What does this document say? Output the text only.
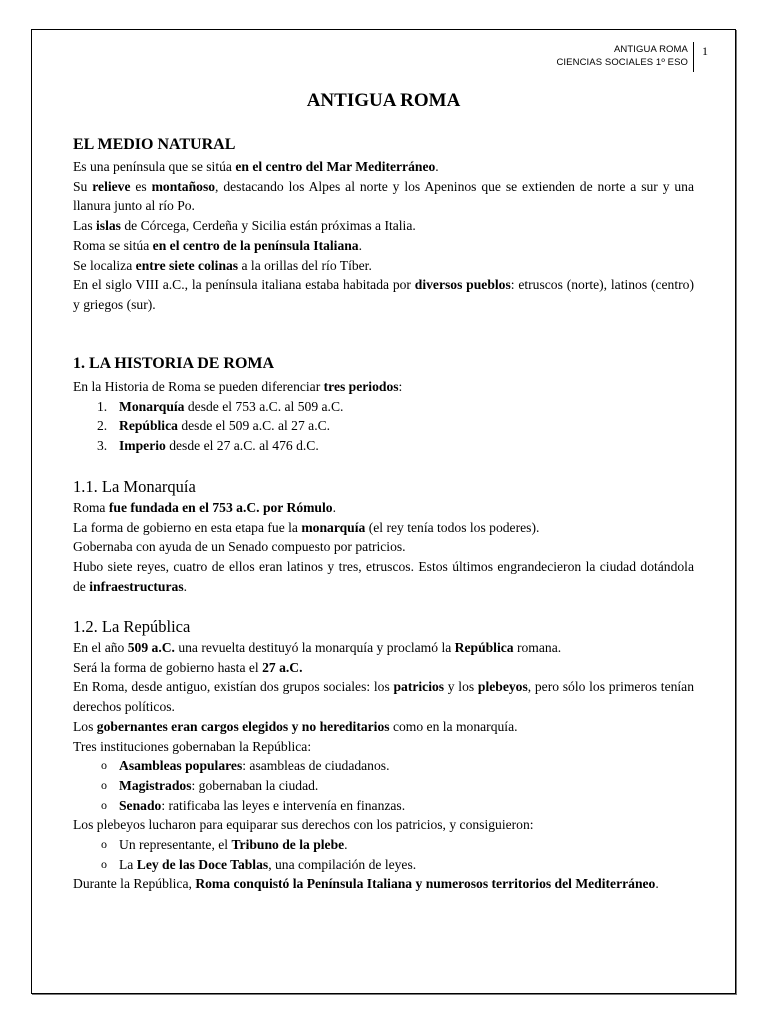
ANTIGUA ROMA
CIENCIAS SOCIALES 1º ESO
1
ANTIGUA ROMA
EL MEDIO NATURAL

Es una península que se sitúa en el centro del Mar Mediterráneo.

Su relieve es montañoso, destacando los Alpes al norte y los Apeninos que se extienden de norte a sur y una llanura junto al río Po.

Las islas de Córcega, Cerdeña y Sicilia están próximas a Italia.

Roma se sitúa en el centro de la península Italiana.

Se localiza entre siete colinas a la orillas del río Tíber.

En el siglo VIII a.C., la península italiana estaba habitada por diversos pueblos: etruscos (norte), latinos (centro) y griegos (sur).

1. LA HISTORIA DE ROMA

En la Historia de Roma se pueden diferenciar tres periodos:

1. Monarquía desde el 753 a.C. al 509 a.C.
2. República desde el 509 a.C. al 27 a.C.
3. Imperio desde el 27 a.C. al 476 d.C.
1.1. La Monarquía

Roma fue fundada en el 753 a.C. por Rómulo.

La forma de gobierno en esta etapa fue la monarquía (el rey tenía todos los poderes).

Gobernaba con ayuda de un Senado compuesto por patricios.

Hubo siete reyes, cuatro de ellos eran latinos y tres, etruscos. Estos últimos engrandecieron la ciudad dotándola de infraestructuras.

1.2. La República

En el año 509 a.C. una revuelta destituyó la monarquía y proclamó la República romana.

Será la forma de gobierno hasta el 27 a.C.

En Roma, desde antiguo, existían dos grupos sociales: los patricios y los plebeyos, pero sólo los primeros tenían derechos políticos.

Los gobernantes eran cargos elegidos y no hereditarios como en la monarquía.

Tres instituciones gobernaban la República:

o Asambleas populares: asambleas de ciudadanos.
o Magistrados: gobernaban la ciudad.
o Senado: ratificaba las leyes e intervenía en finanzas.

Los plebeyos lucharon para equiparar sus derechos con los patricios, y consiguieron:

o Un representante, el Tribuno de la plebe.
o La Ley de las Doce Tablas, una compilación de leyes.

Durante la República, Roma conquistó la Península Italiana y numerosos territorios del Mediterráneo.
